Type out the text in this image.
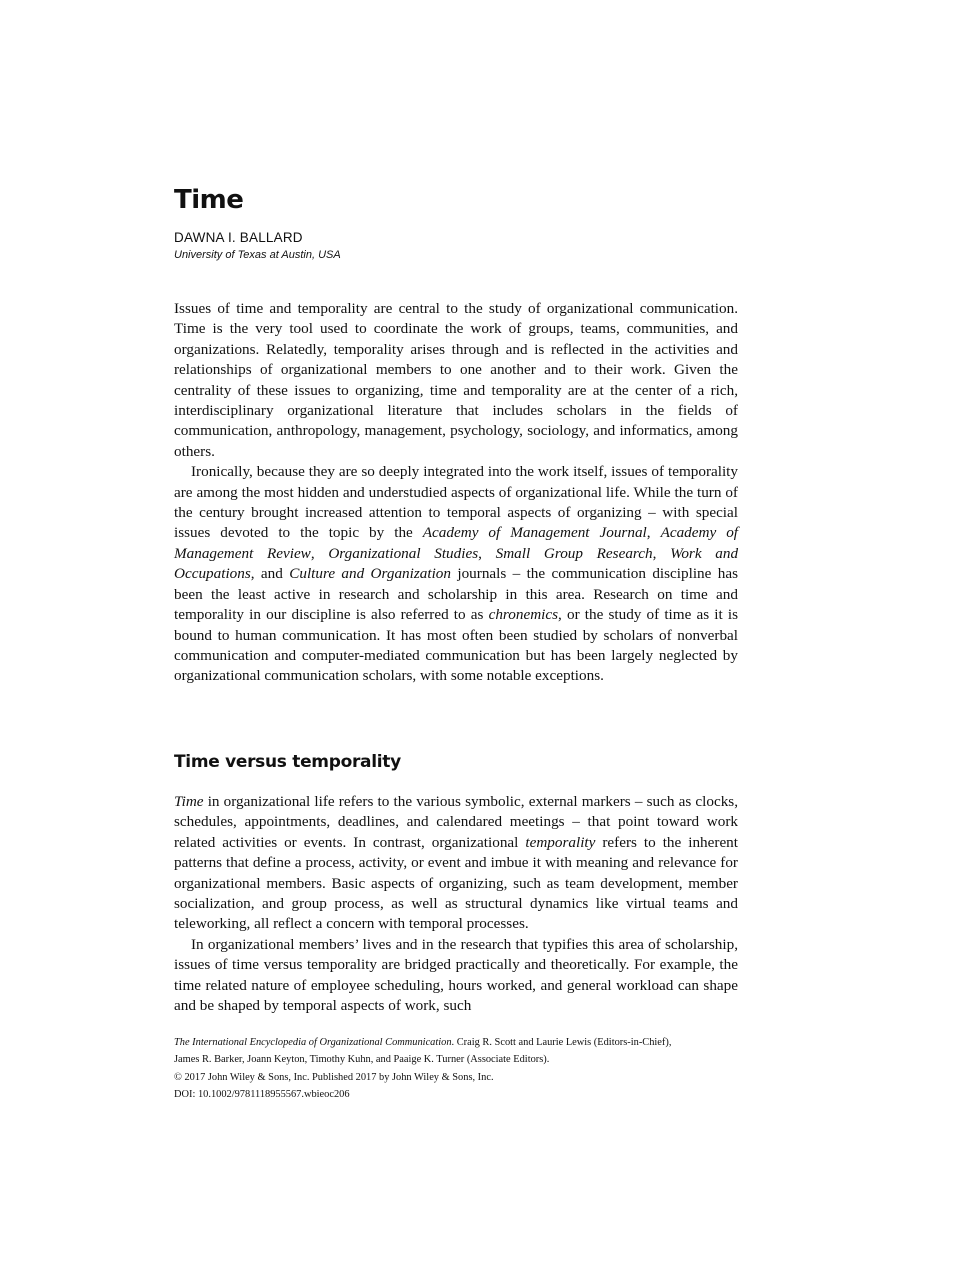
Time
DAWNA I. BALLARD
University of Texas at Austin, USA

Issues of time and temporality are central to the study of organizational communication. Time is the very tool used to coordinate the work of groups, teams, communities, and organizations. Relatedly, temporality arises through and is reflected in the activities and relationships of organizational members to one another and to their work. Given the centrality of these issues to organizing, time and temporality are at the center of a rich, interdisciplinary organizational literature that includes scholars in the fields of communication, anthropology, management, psychology, sociology, and informatics, among others.

Ironically, because they are so deeply integrated into the work itself, issues of temporality are among the most hidden and understudied aspects of organizational life. While the turn of the century brought increased attention to temporal aspects of organizing – with special issues devoted to the topic by the Academy of Management Journal, Academy of Management Review, Organizational Studies, Small Group Research, Work and Occupations, and Culture and Organization journals – the communication discipline has been the least active in research and scholarship in this area. Research on time and temporality in our discipline is also referred to as chronemics, or the study of time as it is bound to human communication. It has most often been studied by scholars of nonverbal communication and computer-mediated communication but has been largely neglected by organizational communication scholars, with some notable exceptions.

Time versus temporality

Time in organizational life refers to the various symbolic, external markers – such as clocks, schedules, appointments, deadlines, and calendared meetings – that point toward work related activities or events. In contrast, organizational temporality refers to the inherent patterns that define a process, activity, or event and imbue it with meaning and relevance for organizational members. Basic aspects of organizing, such as team development, member socialization, and group process, as well as structural dynamics like virtual teams and teleworking, all reflect a concern with temporal processes.

In organizational members’ lives and in the research that typifies this area of scholarship, issues of time versus temporality are bridged practically and theoretically. For example, the time related nature of employee scheduling, hours worked, and general workload can shape and be shaped by temporal aspects of work, such

The International Encyclopedia of Organizational Communication. Craig R. Scott and Laurie Lewis (Editors-in-Chief),
James R. Barker, Joann Keyton, Timothy Kuhn, and Paaige K. Turner (Associate Editors).
© 2017 John Wiley & Sons, Inc. Published 2017 by John Wiley & Sons, Inc.
DOI: 10.1002/9781118955567.wbieoc206
